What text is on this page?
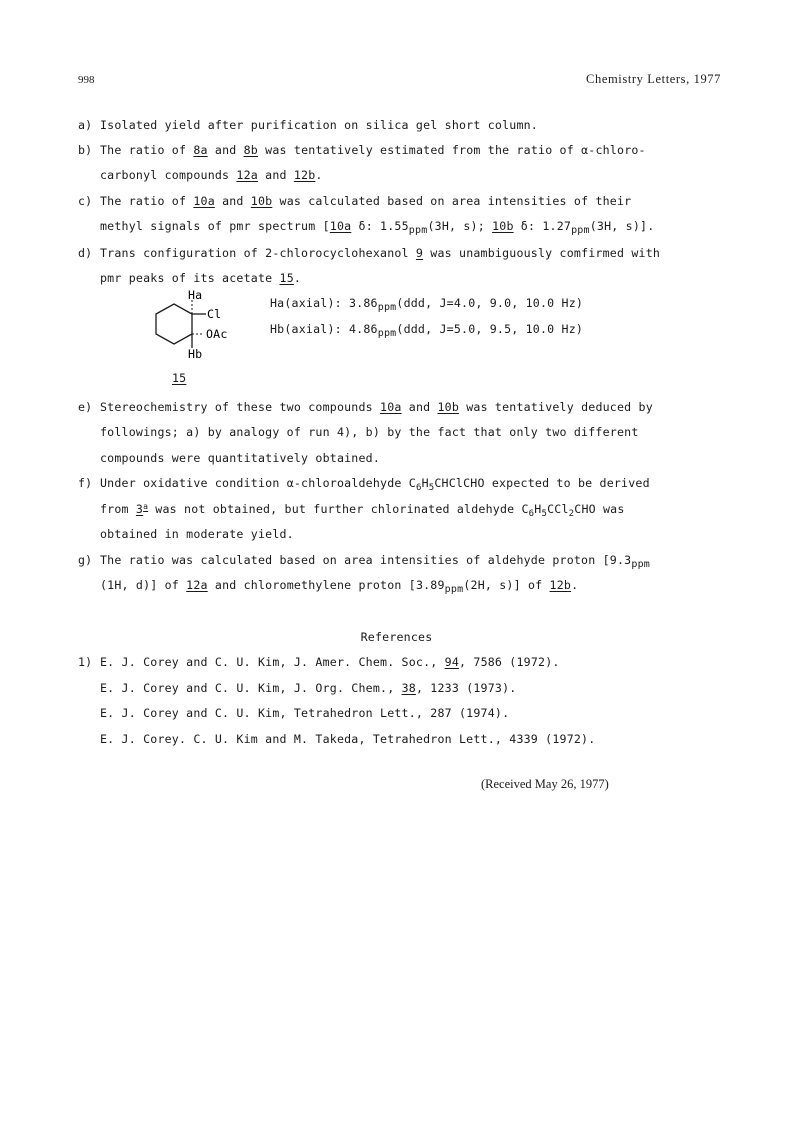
998	Chemistry Letters, 1977
a) Isolated yield after purification on silica gel short column.
b) The ratio of 8a and 8b was tentatively estimated from the ratio of α-chloro-
carbonyl compounds 12a and 12b.
c) The ratio of 10a and 10b was calculated based on area intensities of their
methyl signals of pmr spectrum [10a δ: 1.55ppm(3H, s); 10b δ: 1.27ppm(3H, s)].
d) Trans configuration of 2-chlorocyclohexanol 9 was unambiguously comfirmed with
pmr peaks of its acetate 15.
Ha
Cl
OAc
Hb
15
Ha(axial): 3.86ppm(ddd, J=4.0, 9.0, 10.0 Hz)
Hb(axial): 4.86ppm(ddd, J=5.0, 9.5, 10.0 Hz)
e) Stereochemistry of these two compounds 10a and 10b was tentatively deduced by
followings; a) by analogy of run 4), b) by the fact that only two different
compounds were quantitatively obtained.
f) Under oxidative condition α-chloroaldehyde $C_6H_5CHClCHO$ expected to be derived
from 3$^a$ was not obtained, but further chlorinated aldehyde $C_6H_5CCl_2CHO$ was
obtained in moderate yield.
g) The ratio was calculated based on area intensities of aldehyde proton [9.3ppm
(1H, d)] of 12a and chloromethylene proton [3.89ppm(2H, s)] of 12b.
References
1) E. J. Corey and C. U. Kim, J. Amer. Chem. Soc., 94, 7586 (1972).
E. J. Corey and C. U. Kim, J. Org. Chem., 38, 1233 (1973).
E. J. Corey and C. U. Kim, Tetrahedron Lett., 287 (1974).
E. J. Corey. C. U. Kim and M. Takeda, Tetrahedron Lett., 4339 (1972).
(Received May 26, 1977)
